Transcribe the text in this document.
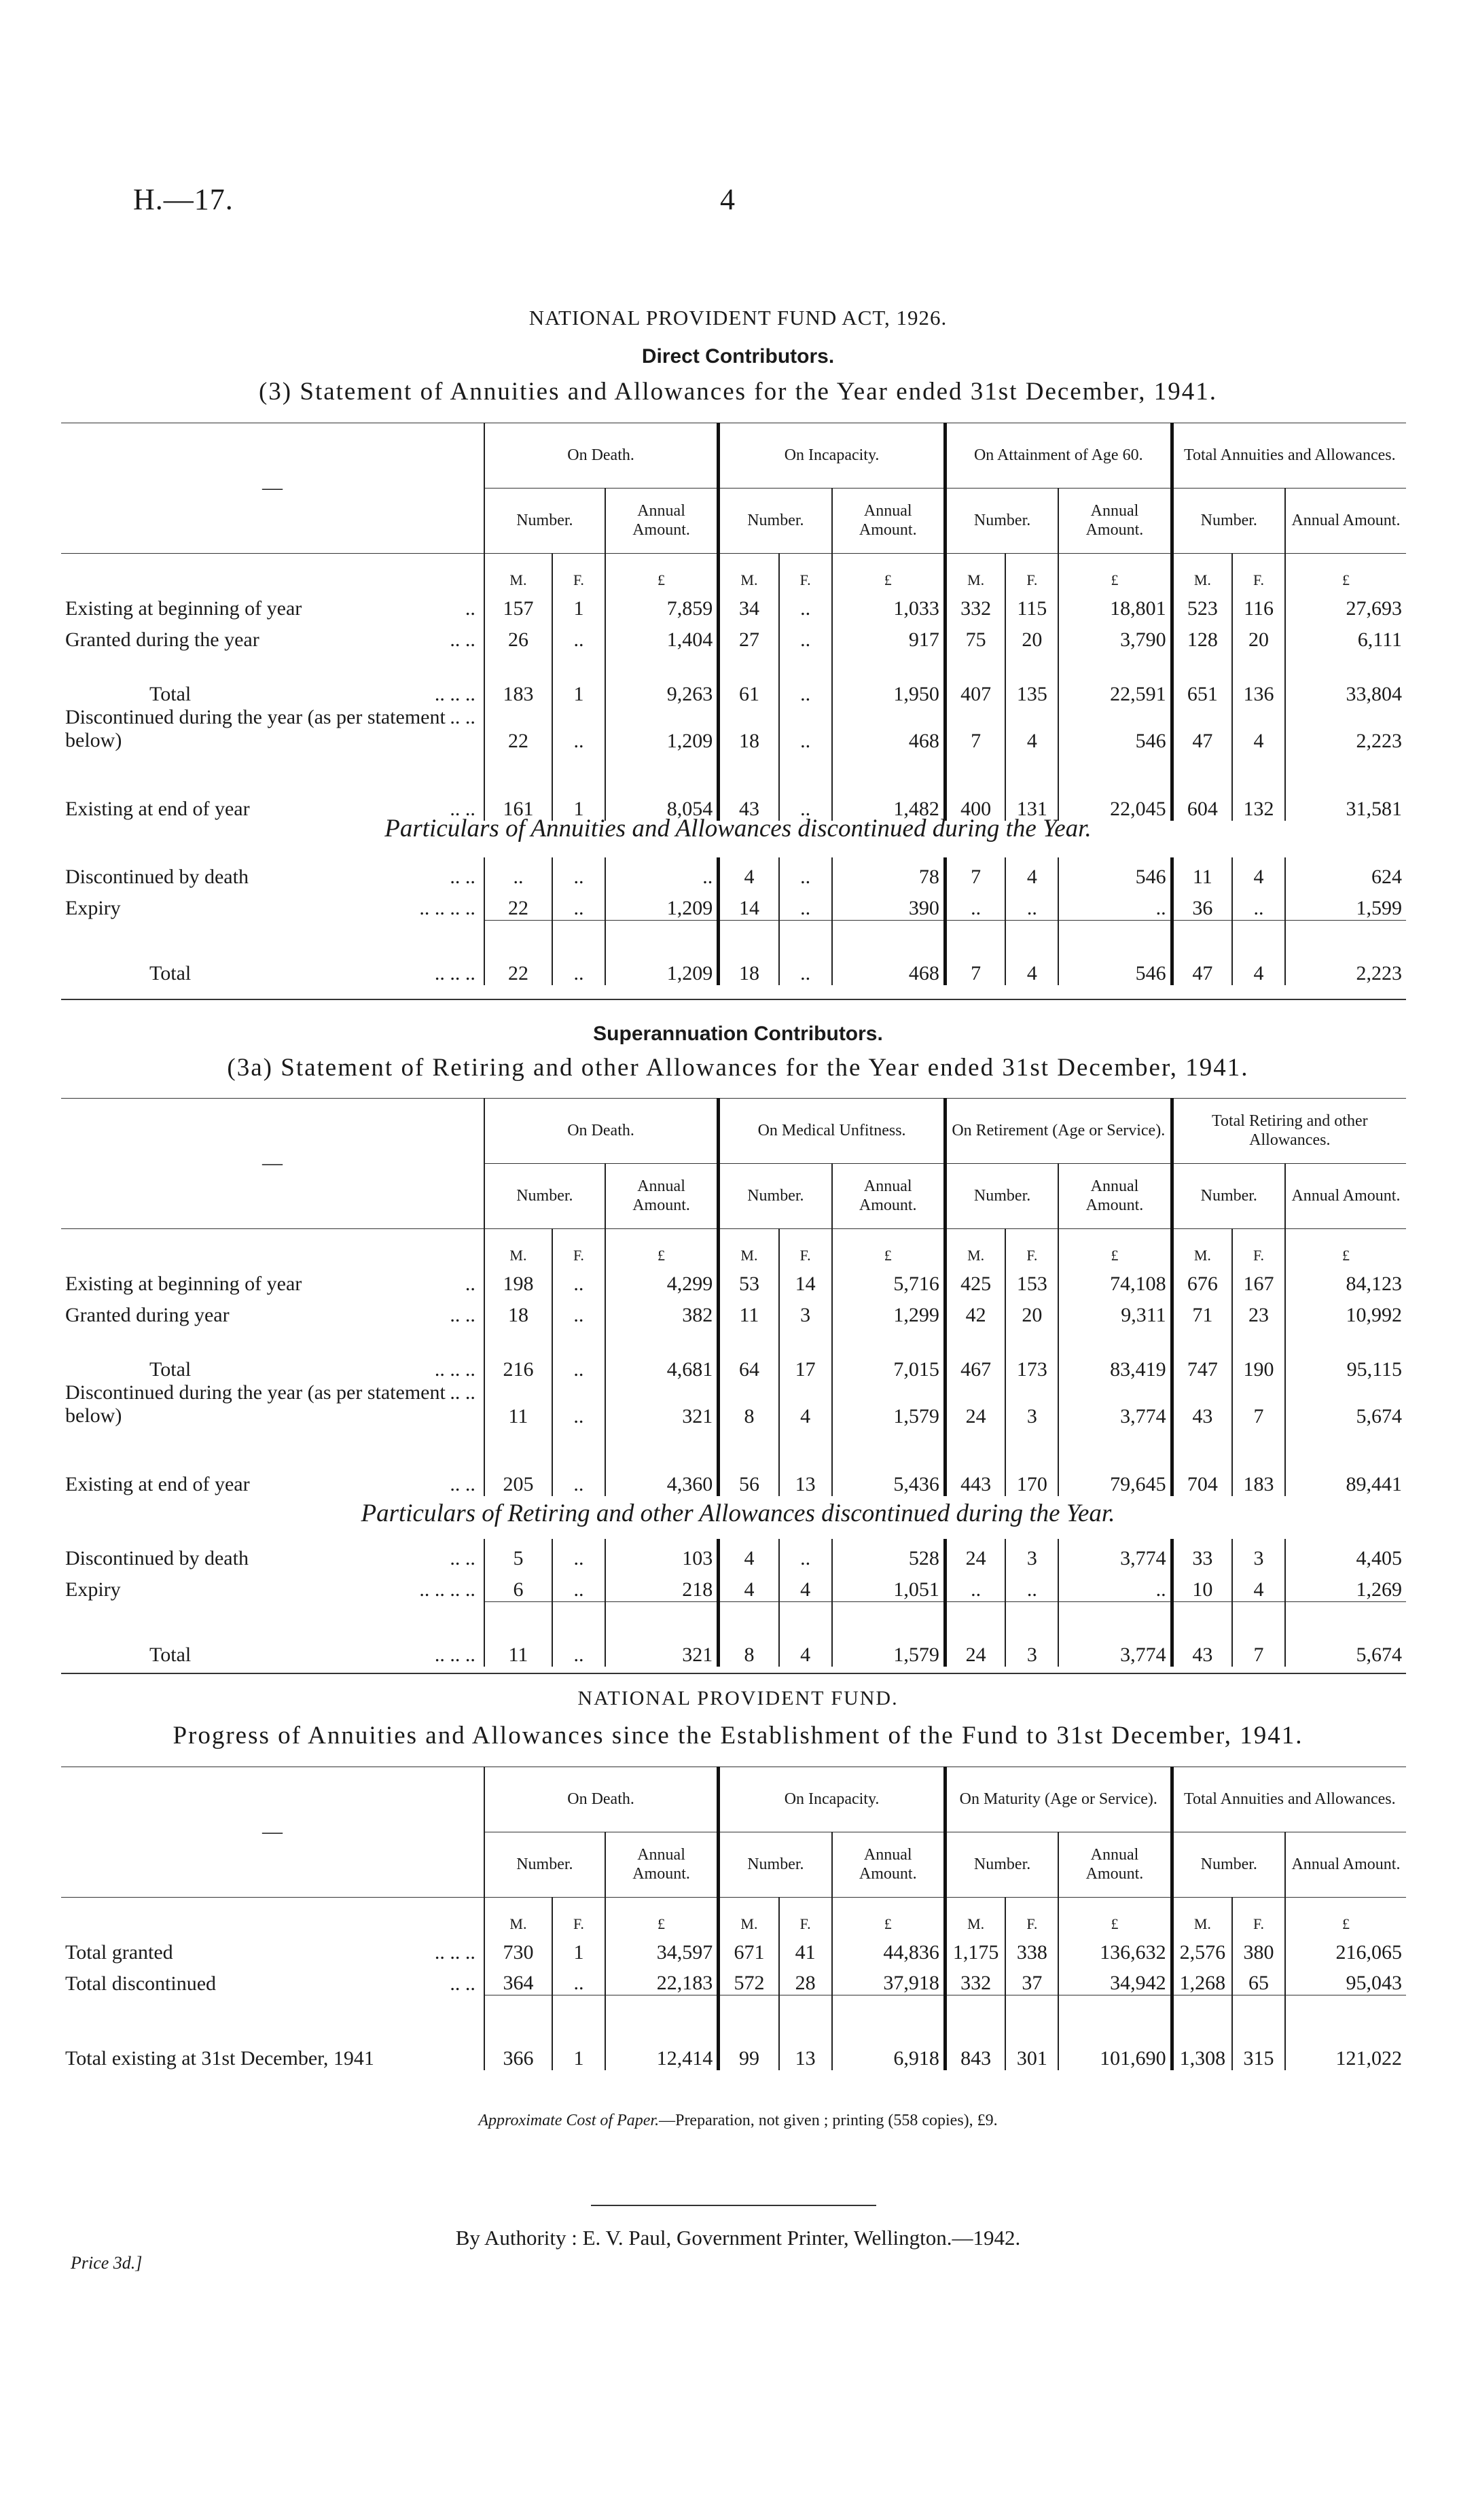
H.—17.	4
NATIONAL PROVIDENT FUND ACT, 1926.
Direct Contributors.
(3) Statement of Annuities and Allowances for the Year ended 31st December, 1941.
—	On Death.			On Incapacity.			On Attainment of Age 60.			Total Annuities and Allowances.		
	Number.		Annual Amount.	Number.		Annual Amount.	Number.		Annual Amount.	Number.		Annual Amount.
	M.	F.	£	M.	F.	£	M.	F.	£	M.	F.	£

..
Existing at beginning of year	157	1	7,859	34	..	1,033	332	115	18,801	523	116	27,693

.. ..
Granted during the year	26	..	1,404	27	..	917	75	20	3,790	128	20	6,111

.. .. ..
Total	183	1	9,263	61	..	1,950	407	135	22,591	651	136	33,804

.. ..
Discontinued during the year (as per statement below)	22	..	1,209	18	..	468	7	4	546	47	4	2,223

.. ..
Existing at end of year	161	1	8,054	43	..	1,482	400	131	22,045	604	132	31,581
Particulars of Annuities and Allowances discontinued during the Year.
.. ..
Discontinued by death	..	..	..	4	..	78	7	4	546	11	4	624

.. .. .. ..
Expiry	22	..	1,209	14	..	390	..	..	..	36	..	1,599

.. .. ..
Total	22	..	1,209	18	..	468	7	4	546	47	4	2,223
Superannuation Contributors.
(3a) Statement of Retiring and other Allowances for the Year ended 31st December, 1941.
—	On Death.			On Medical Unfitness.			On Retirement (Age or Service).			Total Retiring and other Allowances.		
	Number.		Annual Amount.	Number.		Annual Amount.	Number.		Annual Amount.	Number.		Annual Amount.
	M.	F.	£	M.	F.	£	M.	F.	£	M.	F.	£

..
Existing at beginning of year	198	..	4,299	53	14	5,716	425	153	74,108	676	167	84,123

.. ..
Granted during year	18	..	382	11	3	1,299	42	20	9,311	71	23	10,992

.. .. ..
Total	216	..	4,681	64	17	7,015	467	173	83,419	747	190	95,115

.. ..
Discontinued during the year (as per statement below)	11	..	321	8	4	1,579	24	3	3,774	43	7	5,674

.. ..
Existing at end of year	205	..	4,360	56	13	5,436	443	170	79,645	704	183	89,441
Particulars of Retiring and other Allowances discontinued during the Year.
.. ..
Discontinued by death	5	..	103	4	..	528	24	3	3,774	33	3	4,405

.. .. .. ..
Expiry	6	..	218	4	4	1,051	..	..	..	10	4	1,269

.. .. ..
Total	11	..	321	8	4	1,579	24	3	3,774	43	7	5,674
NATIONAL PROVIDENT FUND.
Progress of Annuities and Allowances since the Establishment of the Fund to 31st December, 1941.
—	On Death.			On Incapacity.			On Maturity (Age or Service).			Total Annuities and Allowances.		
	Number.		Annual Amount.	Number.		Annual Amount.	Number.		Annual Amount.	Number.		Annual Amount.
	M.	F.	£	M.	F.	£	M.	F.	£	M.	F.	£

.. .. ..
Total granted	730	1	34,597	671	41	44,836	1,175	338	136,632	2,576	380	216,065

.. ..
Total discontinued	364	..	22,183	572	28	37,918	332	37	34,942	1,268	65	95,043

Total existing at 31st December, 1941	366	1	12,414	99	13	6,918	843	301	101,690	1,308	315	121,022
Approximate Cost of Paper.—Preparation, not given ; printing (558 copies), £9.
By Authority : E. V. Paul, Government Printer, Wellington.—1942.
Price 3d.]
